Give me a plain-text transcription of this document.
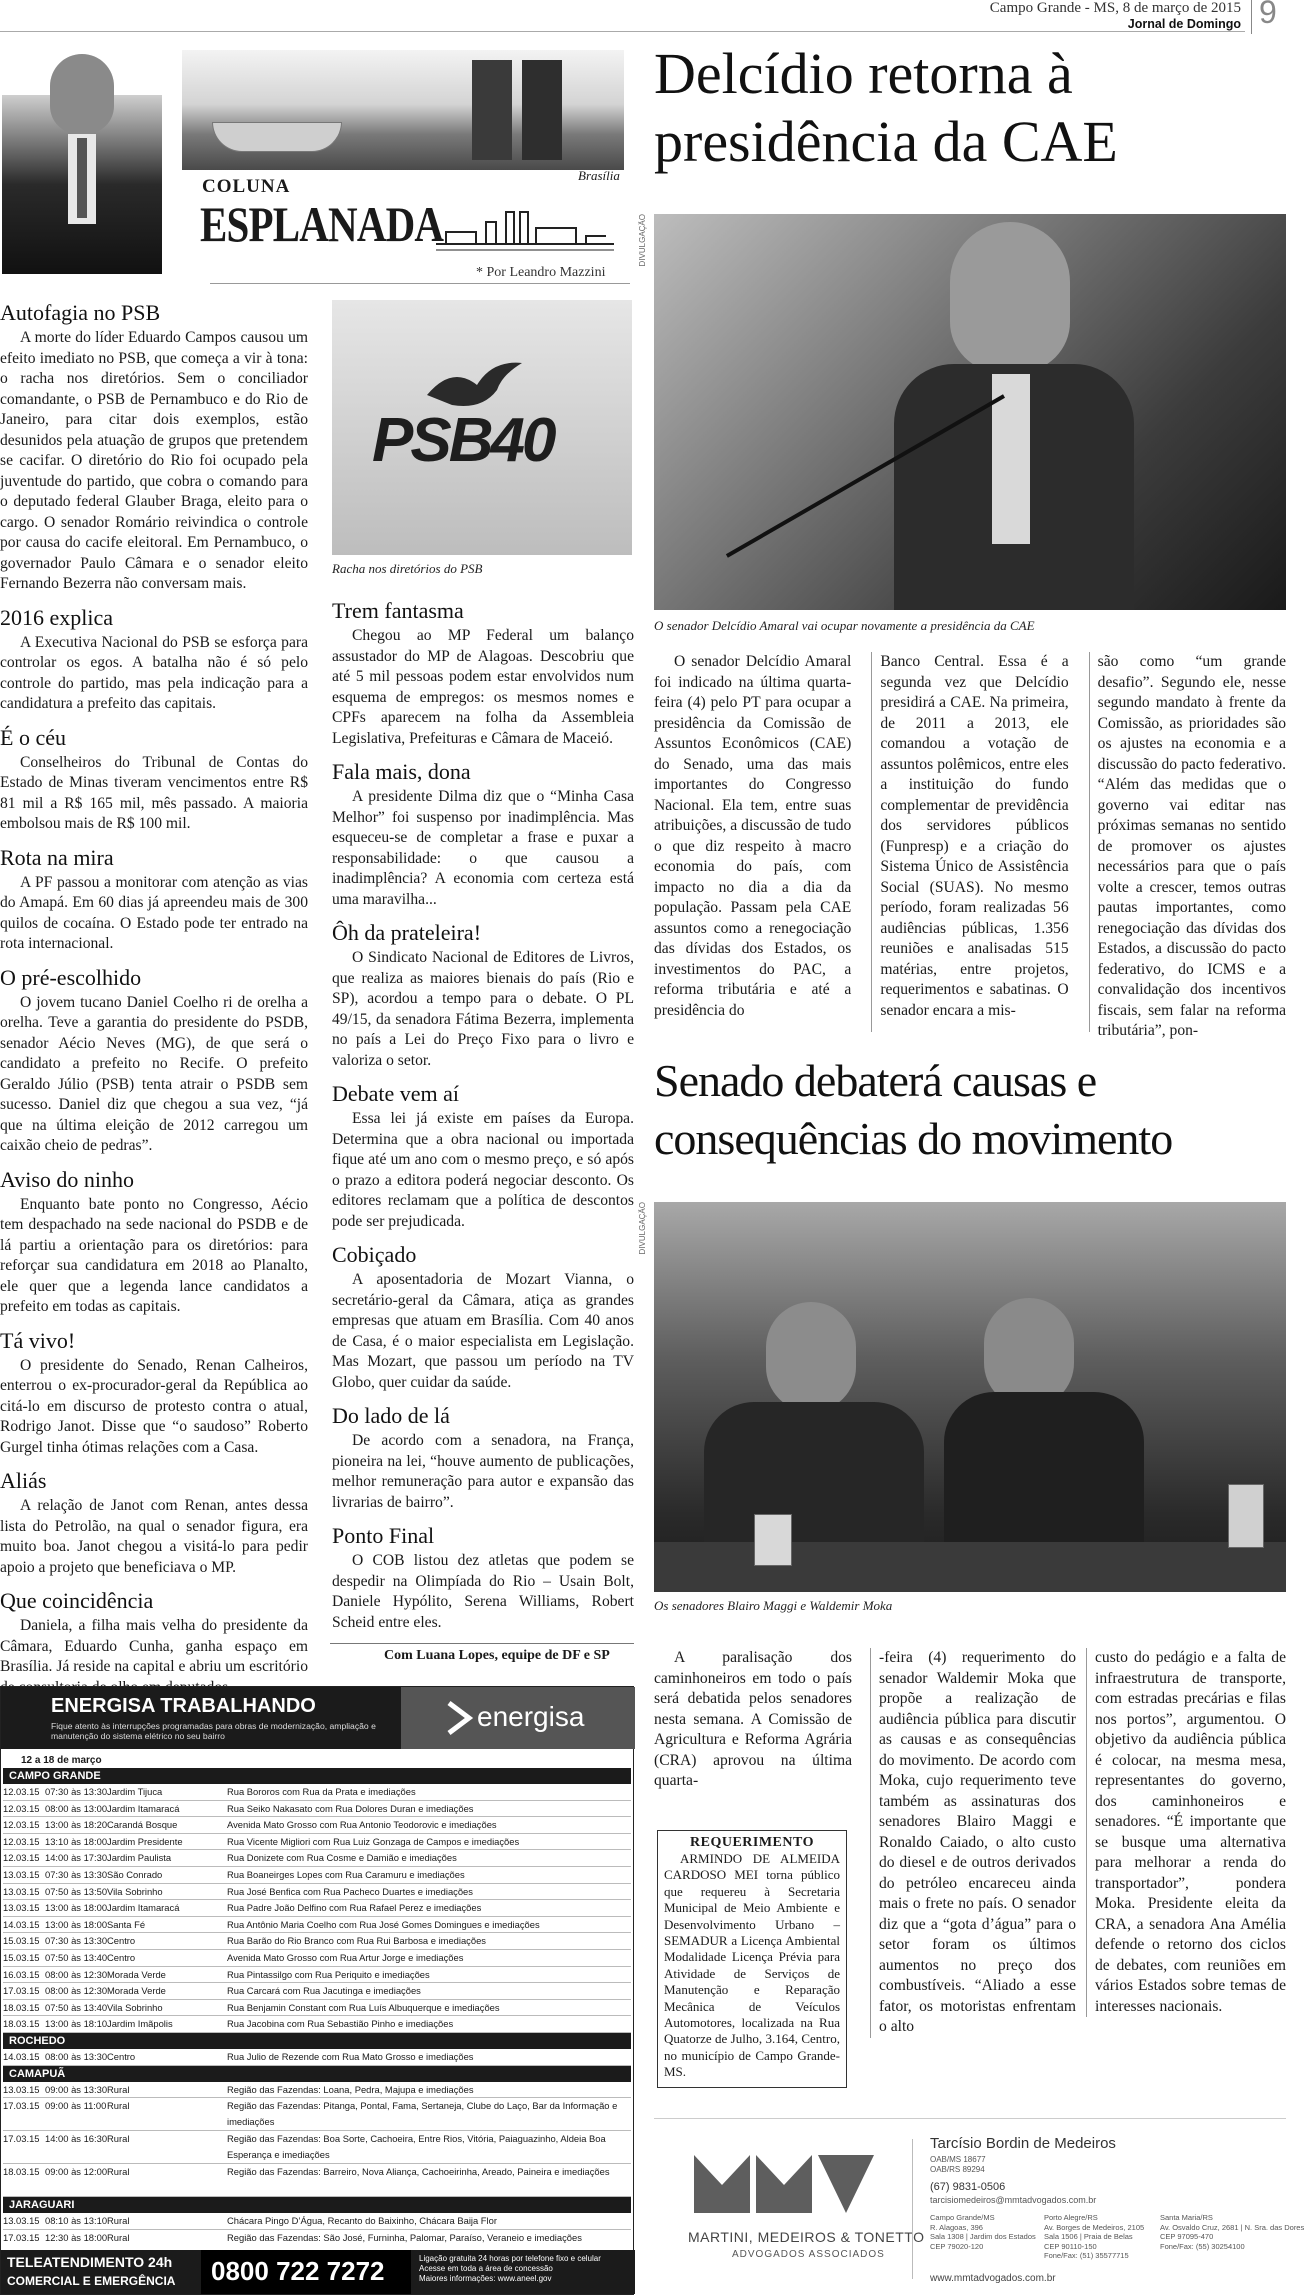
Campo Grande - MS, 8 de março de 2015
Jornal de Domingo 9
COLUNA
Brasília
ESPLANADA
* Por Leandro Mazzini
Autofagia no PSB

A morte do líder Eduardo Campos causou um efeito imediato no PSB, que começa a vir à tona: o racha nos diretórios. Sem o conciliador comandante, o PSB de Pernambuco e do Rio de Janeiro, para citar dois exemplos, estão desunidos pela atuação de grupos que pretendem se cacifar. O diretório do Rio foi ocupado pela juventude do partido, que cobra o comando para o deputado federal Glauber Braga, eleito para o cargo. O senador Romário reivindica o controle por causa do cacife eleitoral. Em Pernambuco, o governador Paulo Câmara e o senador eleito Fernando Bezerra não conversam mais.

2016 explica

A Executiva Nacional do PSB se esforça para controlar os egos. A batalha não é só pelo controle do partido, mas pela indicação para a candidatura a prefeito das capitais.

É o céu

Conselheiros do Tribunal de Contas do Estado de Minas tiveram vencimentos entre R$ 81 mil a R$ 165 mil, mês passado. A maioria embolsou mais de R$ 100 mil.

Rota na mira

A PF passou a monitorar com atenção as vias do Amapá. Em 60 dias já apreendeu mais de 300 quilos de cocaína. O Estado pode ter entrado na rota internacional.

O pré-escolhido

O jovem tucano Daniel Coelho ri de orelha a orelha. Teve a garantia do presidente do PSDB, senador Aécio Neves (MG), de que será o candidato a prefeito no Recife. O prefeito Geraldo Júlio (PSB) tenta atrair o PSDB sem sucesso. Daniel diz que chegou a sua vez, “já que na última eleição de 2012 carregou um caixão cheio de pedras”.

Aviso do ninho

Enquanto bate ponto no Congresso, Aécio tem despachado na sede nacional do PSDB e de lá partiu a orientação para os diretórios: para reforçar sua candidatura em 2018 ao Planalto, ele quer que a legenda lance candidatos a prefeito em todas as capitais.

Tá vivo!

O presidente do Senado, Renan Calheiros, enterrou o ex-procurador-geral da República ao citá-lo em discurso de protesto contra o atual, Rodrigo Janot. Disse que “o saudoso” Roberto Gurgel tinha ótimas relações com a Casa.

Aliás

A relação de Janot com Renan, antes dessa lista do Petrolão, na qual o senador figura, era muito boa. Janot chegou a visitá-lo para pedir apoio a projeto que beneficiava o MP.

Que coincidência

Daniela, a filha mais velha do presidente da Câmara, Eduardo Cunha, ganha espaço em Brasília. Já reside na capital e abriu um escritório

PSB40
Racha nos diretórios do PSB
Trem fantasma

Chegou ao MP Federal um balanço assustador do MP de Alagoas. Descobriu que até 5 mil pessoas podem estar envolvidos num esquema de empregos: os mesmos nomes e CPFs aparecem na folha da Assembleia Legislativa, Prefeituras e Câmara de Maceió.

Fala mais, dona

A presidente Dilma diz que o “Minha Casa Melhor” foi suspenso por inadimplência. Mas esqueceu-se de completar a frase e puxar a responsabilidade: o que causou a inadimplência? A economia com certeza está uma maravilha...

Ôh da prateleira!

O Sindicato Nacional de Editores de Livros, que realiza as maiores bienais do país (Rio e SP), acordou a tempo para o debate. O PL 49/15, da senadora Fátima Bezerra, implementa no país a Lei do Preço Fixo para o livro e valoriza o setor.

Debate vem aí

Essa lei já existe em países da Europa. Determina que a obra nacional ou importada fique até um ano com o mesmo preço, e só após o prazo a editora poderá negociar desconto. Os editores reclamam que a política de descontos pode ser prejudicada.

Cobiçado

A aposentadoria de Mozart Vianna, o secretário-geral da Câmara, atiça as grandes empresas que atuam em Brasília. Com 40 anos de Casa, é o maior especialista em Legislação. Mas Mozart, que passou um período na TV Globo, quer cuidar da saúde.

Do lado de lá

De acordo com a senadora, na França, pioneira na lei, “houve aumento de publicações, melhor remuneração para autor e expansão das livrarias de bairro”.

Ponto Final

O COB listou dez atletas que podem se despedir na Olimpíada do Rio – Usain Bolt, Daniele Hypólito, Serena Williams, Robert Scheid entre eles.

Com Luana Lopes, equipe de DF e SP
Delcídio retorna à presidência da CAE
DIVULGAÇÃO
O senador Delcídio Amaral vai ocupar novamente a presidência da CAE

O senador Delcídio Amaral foi indicado na última quarta-feira (4) pelo PT para ocupar a presidência da Comissão de Assuntos Econômicos (CAE) do Senado, uma das mais importantes do Congresso Nacional. Ela tem, entre suas atribuições, a discussão de tudo o que diz respeito à macro economia do país, com impacto no dia a dia da população. Passam pela CAE assuntos como a renegociação das dívidas dos Estados, os investimentos do PAC, a reforma tributária e até a presidência do

Banco Central. Essa é a segunda vez que Delcídio presidirá a CAE. Na primeira, de 2011 a 2013, ele comandou a votação de assuntos polêmicos, entre eles a instituição do fundo complementar de previdência dos servidores públicos (Funpresp) e a criação do Sistema Único de Assistência Social (SUAS). No mesmo período, foram realizadas 56 audiências públicas, 1.356 reuniões e analisadas 515 matérias, entre projetos, requerimentos e sabatinas. O senador encara a mis-

são como “um grande desafio”. Segundo ele, nesse segundo mandato à frente da Comissão, as prioridades são os ajustes na economia e a discussão do pacto federativo. “Além das medidas que o governo vai editar nas próximas semanas no sentido de promover os ajustes necessários para que o país volte a crescer, temos outras pautas importantes, como renegociação das dívidas dos Estados, a discussão do pacto federativo, do ICMS e a convalidação dos incentivos fiscais, sem falar na reforma tributária”, pon-

Senado debaterá causas e consequências do movimento
DIVULGAÇÃO
Os senadores Blairo Maggi e Waldemir Moka

A paralisação dos caminhoneiros em todo o país será debatida pelos senadores nesta semana. A Comissão de Agricultura e Reforma Agrária (CRA) aprovou na última quarta-

-feira (4) requerimento do senador Waldemir Moka que propõe a realização de audiência pública para discutir as causas e as consequências do movimento. De acordo com Moka, cujo requerimento teve também as assinaturas dos senadores Blairo Maggi e Ronaldo Caiado, o alto custo do diesel e de outros derivados do petróleo encareceu ainda mais o frete no país. O senador diz que a “gota d’água” para o setor foram os últimos aumentos no preço dos combustíveis. “Aliado a esse fator, os motoristas enfrentam o alto

custo do pedágio e a falta de infraestrutura de transporte, com estradas precárias e filas nos portos”, argumentou. O objetivo da audiência pública é colocar, na mesma mesa, representantes do governo, dos caminhoneiros e senadores. “É importante que se busque uma alternativa para melhorar a renda do transportador”, pondera Moka. Presidente eleita da CRA, a senadora Ana Amélia defende o retorno dos ciclos de debates, com reuniões em vários Estados sobre temas de interesses nacionais.

REQUERIMENTO

ARMINDO DE ALMEIDA CARDOSO MEI torna público que requereu à Secretaria Municipal de Meio Ambiente e Desenvolvimento Urbano – SEMADUR a Licença Ambiental Modalidade Licença Prévia para Atividade de Serviços de Manutenção e Reparação Mecânica de Veículos Automotores, localizada na Rua Quatorze de Julho, 3.164, Centro, no município de Campo Grande-MS.

MARTINI, MEDEIROS & TONETTO
ADVOGADOS ASSOCIADOS
Tarcísio Bordin de Medeiros
OAB/MS 18677
OAB/RS 89294
(67) 9831-0506
tarcisiomedeiros@mmtadvogados.com.br
Campo Grande/MS
R. Alagoas, 396
Sala 1308 | Jardim dos Estados
CEP 79020-120
Porto Alegre/RS
Av. Borges de Medeiros, 2105
Sala 1506 | Praia de Belas
CEP 90110-150
Fone/Fax: (51) 35577715
Santa Maria/RS
Av. Osvaldo Cruz, 2681 | N. Sra. das Dores
CEP 97095-470
Fone/Fax: (55) 30254100
www.mmtadvogados.com.br
ENERGISA TRABALHANDO
Fique atento às interrupções programadas para obras de modernização, ampliação e manutenção do sistema elétrico no seu bairro
energisa
12 a 18 de março
CAMPO GRANDE
12.03.15 07:30 às 13:30 Jardim Tijuca	Rua Bororos com Rua da Prata e imediações
12.03.15 08:00 às 13:00 Jardim Itamaracá	Rua Seiko Nakasato com Rua Dolores Duran e imediações
12.03.15 13:00 às 18:20 Carandá Bosque	Avenida Mato Grosso com Rua Antonio Teodorovic e imediações
12.03.15 13:10 às 18:00 Jardim Presidente	Rua Vicente Migliori com Rua Luiz Gonzaga de Campos e imediações
12.03.15 14:00 às 17:30 Jardim Paulista	Rua Donizete com Rua Cosme e Damião e imediações
13.03.15 07:30 às 13:30 São Conrado	Rua Boaneirges Lopes com Rua Caramuru e imediações
13.03.15 07:50 às 13:50 Vila Sobrinho	Rua José Benfica com Rua Pacheco Duartes e imediações
13.03.15 13:00 às 18:00 Jardim Itamaracá	Rua Padre João Delfino com Rua Rafael Perez e imediações
14.03.15 13:00 às 18:00 Santa Fé	Rua Antônio Maria Coelho com Rua José Gomes Domingues e imediações
15.03.15 07:30 às 13:30 Centro	Rua Barão do Rio Branco com Rua Rui Barbosa e imediações
15.03.15 07:50 às 13:40 Centro	Avenida Mato Grosso com Rua Artur Jorge e imediações
16.03.15 08:00 às 12:30 Morada Verde	Rua Pintassilgo com Rua Periquito e imediações
17.03.15 08:00 às 12:30 Morada Verde	Rua Carcará com Rua Jacutinga e imediações
18.03.15 07:50 às 13:40 Vila Sobrinho	Rua Benjamin Constant com Rua Luís Albuquerque e imediações
18.03.15 13:00 às 18:10 Jardim Imãpolis	Rua Jacobina com Rua Sebastião Pinho e imediações
ROCHEDO
14.03.15 08:00 às 13:30 Centro	Rua Julio de Rezende com Rua Mato Grosso e imediações
CAMAPUÃ
13.03.15 09:00 às 13:30 Rural	Região das Fazendas: Loana, Pedra, Majupa e imediações
17.03.15 09:00 às 11:00 Rural	Região das Fazendas: Pitanga, Pontal, Fama, Sertaneja, Clube do Laço, Bar da Informação e imediações
17.03.15 14:00 às 16:30 Rural	Região das Fazendas: Boa Sorte, Cachoeira, Entre Rios, Vitória, Paiaguazinho, Aldeia Boa Esperança e imediações
18.03.15 09:00 às 12:00 Rural	Região das Fazendas: Barreiro, Nova Aliança, Cachoeirinha, Areado, Paineira e imediações
JARAGUARI
13.03.15 08:10 às 13:10 Rural	Chácara Pingo D’Água, Recanto do Baixinho, Chácara Baija Flor
17.03.15 12:30 às 18:00 Rural	Região das Fazendas: São José, Furninha, Palomar, Paraíso, Veraneio e imediações
TELEATENDIMENTO 24h
COMERCIAL E EMERGÊNCIA 0800 722 7272	Ligação gratuita 24 horas por telefone fixo e celular
Acesse em toda a área de concessão
Maiores informações: www.aneel.gov
